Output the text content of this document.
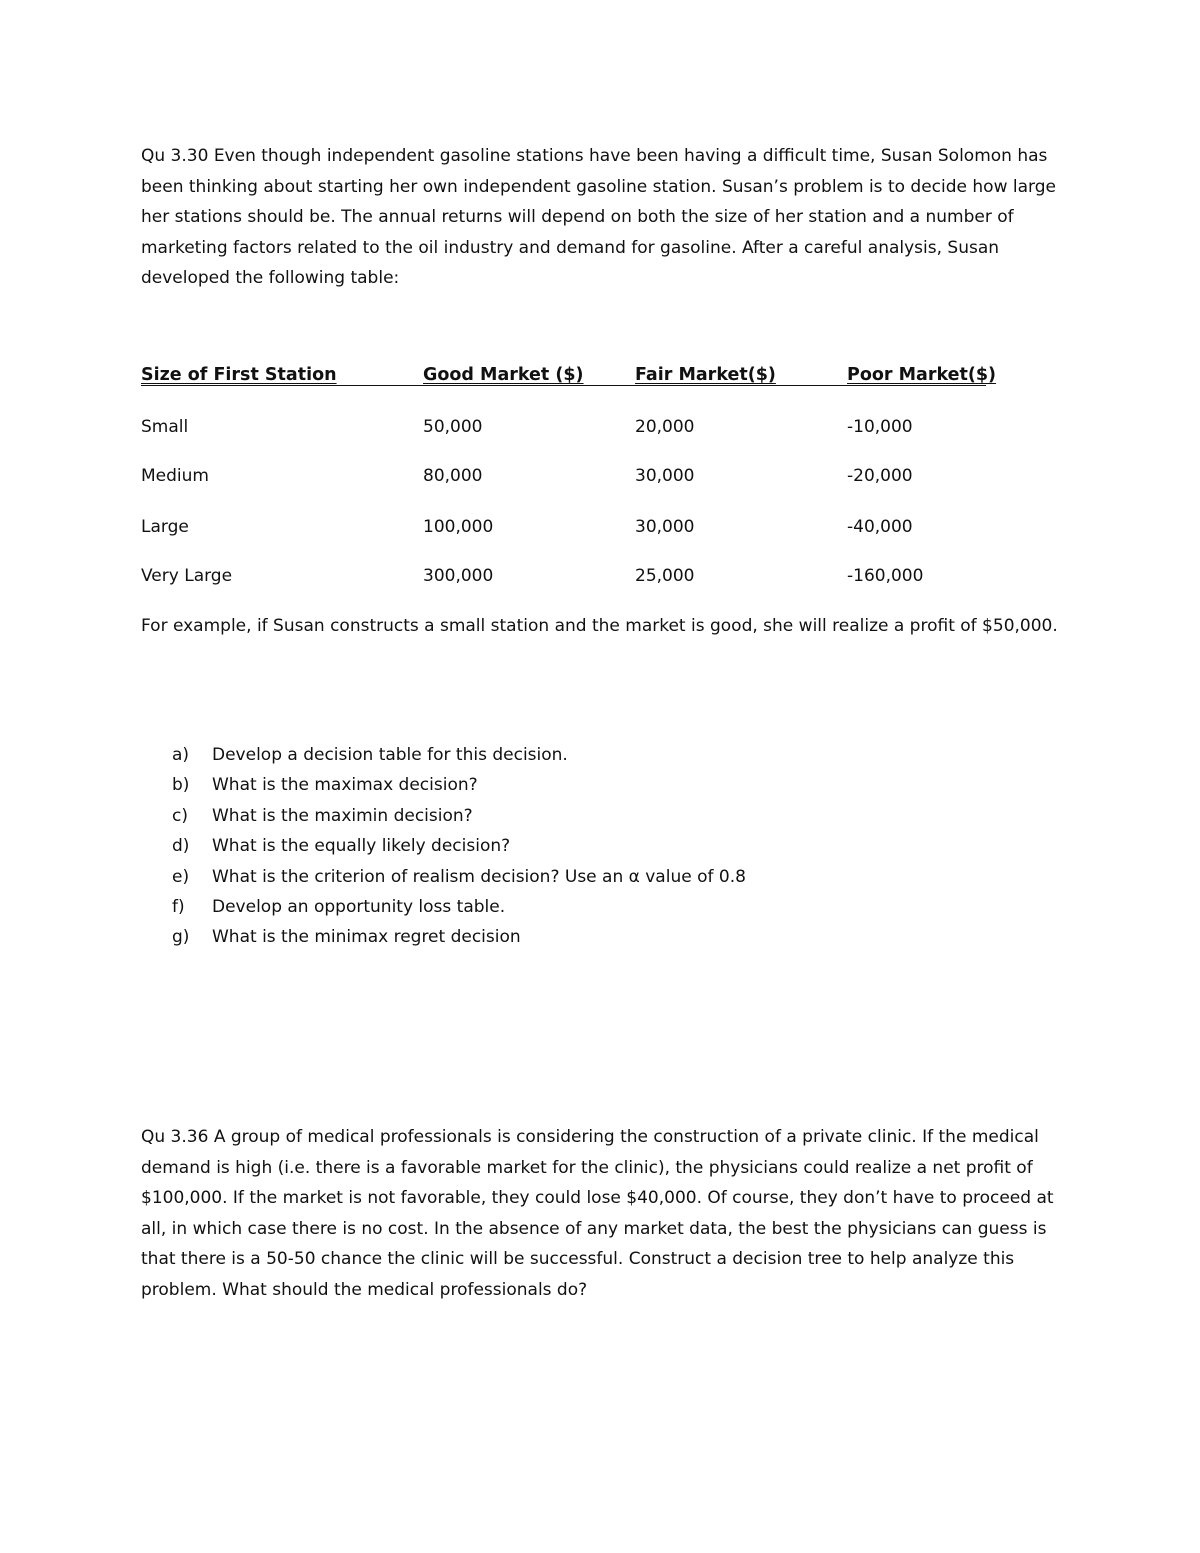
Qu 3.30 Even though independent gasoline stations have been having a difficult time, Susan Solomon has been thinking about starting her own independent gasoline station. Susan’s problem is to decide how large her stations should be. The annual returns will depend on both the size of her station and a number of marketing factors related to the oil industry and demand for gasoline. After a careful analysis, Susan developed the following table:

Size of First Station	Good Market ($)	Fair Market($)	Poor Market($)
Small	50,000	20,000	-10,000
Medium	80,000	30,000	-20,000
Large	100,000	30,000	-40,000
Very Large	300,000	25,000	-160,000

For example, if Susan constructs a small station and the market is good, she will realize a profit of $50,000.

a) Develop a decision table for this decision.
b) What is the maximax decision?
c) What is the maximin decision?
d) What is the equally likely decision?
e) What is the criterion of realism decision? Use an α value of 0.8
f) Develop an opportunity loss table.
g) What is the minimax regret decision

Qu 3.36 A group of medical professionals is considering the construction of a private clinic. If the medical demand is high (i.e. there is a favorable market for the clinic), the physicians could realize a net profit of $100,000. If the market is not favorable, they could lose $40,000. Of course, they don’t have to proceed at all, in which case there is no cost. In the absence of any market data, the best the physicians can guess is that there is a 50-50 chance the clinic will be successful. Construct a decision tree to help analyze this problem. What should the medical professionals do?
